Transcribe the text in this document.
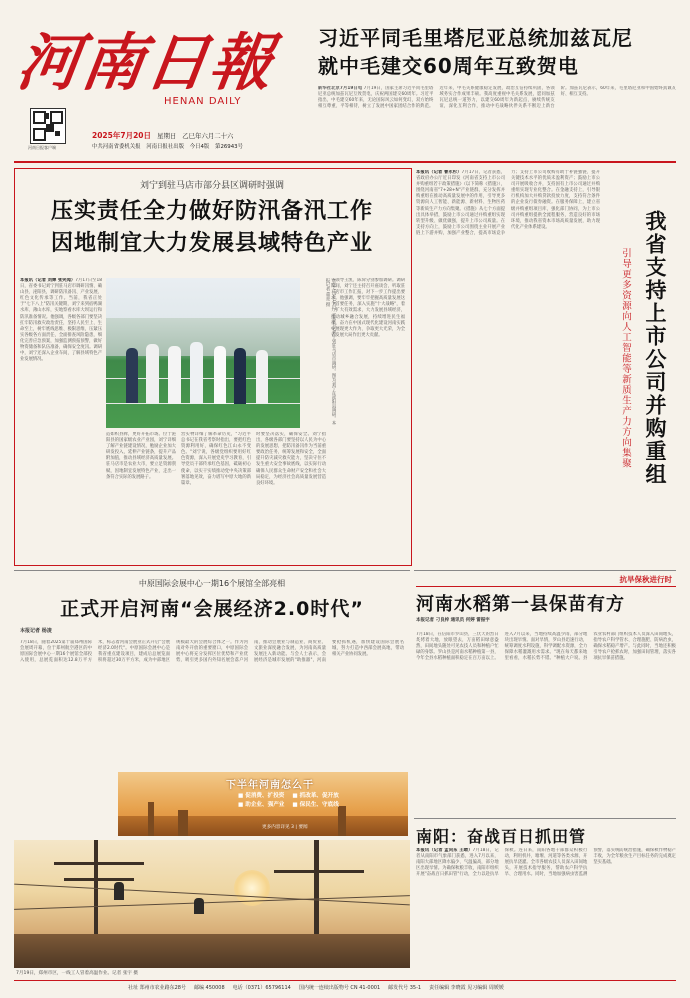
河南日報
HENAN DAILY
河南日报客户端
2025年7月20日 星期日 乙巳年六月二十六
中共河南省委机关报 河南日报社出版 今日4版 第26943号
习近平同毛里塔尼亚总统加兹瓦尼
就中毛建交60周年互致贺电
新华社北京7月19日电 7月19日，国家主席习近平同毛里塔尼亚总统加兹瓦尼互致贺电，庆祝两国建交60周年。习近平指出，中毛建交60年来，无论国际风云如何变幻，双方始终相互尊重、平等相待，树立了发展中国家团结合作的典范。近年来，中毛关系健康稳定发展，政治互信持续巩固，各领域务实合作成果丰硕。我高度重视中毛关系发展，愿同加兹瓦尼总统一道努力，以建交60周年为新起点，赓续传统友谊，深化互利合作，推动中毛战略伙伴关系不断迈上新台阶。加兹瓦尼表示，60年来，毛里塔尼亚和中国始终真诚友好、相互支持。
刘宁到驻马店市部分县区调研时强调
压实责任全力做好防汛备汛工作
因地制宜大力发展县域特色产业
本报讯（记者 刘婵 张笑闻）7月17日至18日，省委书记刘宁到驻马店市调研汛情、确山县、泌阳县，调研防汛备汛、产业发展、红色文化传承等工作。当前，我省正处于"七下八上"防汛关键期，刘宁来到宿鸭湖水库、薄山水库，实地察看水库大坝运行和防汛准备情况。他强调，各级各部门要坚决扛牢防汛救灾政治责任，坚持人民至上、生命至上，树牢底线思维、极限思维，压紧压实各级各方面责任，全面排查风险隐患，细化完善应急预案，加强监测预报预警，做好物资储备和队伍准备，确保安全度汛。调研中，刘宁还深入企业车间，了解县域特色产业发展情况。	7月17日至18日，省委书记刘宁到驻马店市调研。图为刘宁在泌阳县调研。本报记者 董亮 摄
造如织县牌，更好开拓市场。位于泌阳县的国家级农业产业园，刘宁详细了解产业链建设情况，勉励企业加大研发投入，延伸产业链条，提升产品附加值，推动县域经济高质量发展。驻马店市是农业大市，要立足资源禀赋，因地制宜发展特色产业，走出一条符合实际的发展路子。
营实物详细了解革命历史，"习近平总书记在我省考察时指出，要把红色资源利用好，确保红色江山永不变色。"刘宁说，各级党组织要用好红色资源，深入开展党史学习教育，引导党员干部传承红色基因，砥砺初心使命，以实干实绩推动党中央决策部署落地见效，奋力谱写中原大地的新篇章。
时要坚决落实，确保安全。刘宁指出，各级各部门要坚持以人民为中心的发展思想，把防汛备汛作为当前重要政治任务，统筹发展和安全，全面提升防灾减灾救灾能力，坚决守住不发生重大安全事故底线，以实际行动确保人民群众生命财产安全和社会大局稳定，为经济社会高质量发展营造良好环境。
省领导王凯、陈舜分别参加调研。调研期间，刘宁还主持召开座谈会，听取驻马店市工作汇报，对下一步工作提出要求。他强调，要牢牢把握高质量发展这个首要任务，深入实施"十大战略"，着力扩大有效需求，大力发展县域经济，推动城乡融合发展，持续增进民生福祉，奋力在中国式现代化建设河南实践中展现更大作为、争取更大光荣，为全省发展大局作出更大贡献。
本报讯（记者 曹永杉）7月17日，记者获悉，省政府办公厅近日印发《河南省支持上市公司并购重组若干政策措施》（以下简称《措施》），围绕河南省"7+28+N"产业链群，充分发挥并购重组在推动高质量发展中的作用，引导更多资源向人工智能、新能源、新材料、生物医药等新质生产力方向集聚。《措施》从七个方面提出具体举措，鼓励上市公司通过并购重组实现转型升级、做优做强，提升上市公司质量。在支持方向上，鼓励上市公司围绕主业开展产业链上下游并购，加强产业整合，提高市场竞争力；支持上市公司收购有助于补链强链、提升关键技术水平的优质未盈利资产；鼓励上市公司开展吸收合并，支持国有上市公司通过并购重组实现专业化整合。在金融支持上，引导银行机构加大并购贷款投放力度，支持符合条件的企业发行债券融资。在服务保障上，建立省级并购重组项目库，强化部门协同，为上市公司并购重组提供全流程服务，营造良好的市场环境，推动我省资本市场高质量发展，助力现代化产业体系建设。	我省支持上市公司并购重组
引导更多资源向人工智能等新质生产力方向集聚
抗旱保秋进行时
河南水稻第一县保苗有方
本报记者 刁良梓 通讯员 何婷 雷振宇
7月18日，在信阳市罗山县，三伏天的烈日炙烤着大地，放眼望去，万亩稻田绿意盎然，田间地头随处可见农技人员和种植户忙碌的身影。罗山县是河南水稻种植第一县，今年全县水稻种植面积稳定在百万亩以上。进入7月以来，当地持续高温少雨，部分地块出现旱情。面对旱情，罗山县迅速行动，统筹调度水利设施，科学调配水资源，全力保障水稻灌溉用水需求。"现在每天都来地里看看，水稻长势不错。"种植大户说。县农业农村部门组织技术人员深入田间地头，指导农户科学管水、合理施肥、防病治虫，确保水稻稳产增产。与此同时，当地还积极引导农户抢抓农时，加强田间管理，落实各项抗旱保苗措施。
南阳：奋战百日抓田管
本报讯（记者 孟向东 王晴）7月18日，记者从南阳市气象部门获悉，进入7月以来，南阳大部地区降水偏少、气温偏高，部分地区出现旱情。为确保秋粮丰收，南阳市组织开展"奋战百日抓田管"行动，全力以赴抗旱保秋。连日来，南阳各地干部群众积极行动，利用机井、塘堰、河道等各类水源，开展抗旱浇灌。全市各级农技人员深入田间地头，开展技术指导服务，帮助农户科学抗旱、合理用水。同时，当地加强病虫害监测预警，落实统防统治措施，确保秋作物稳产丰收，为全年粮食生产目标任务的完成奠定坚实基础。
中原国际会展中心一期16个展馆全部亮相
正式开启河南“会展经济2.0时代”
本报记者 杨凌
7月18日，随着2025第十届郑州国际会展周开幕，位于郑州航空港区的中原国际会展中心一期16个展馆全部投入使用，总展览面积达12.8万平方米，标志着河南会展业正式开启"会展经济2.0时代"。中原国际会展中心是我省重点建设项目，建成后总展览面积将超过30万平方米，成为中部地区规模最大的会展综合体之一。作为河南对外开放的重要窗口，中原国际会展中心将充分发挥区位优势和产业优势，吸引更多国内外知名展会落户河南，推动会展业与制造业、商贸业、文旅业深度融合发展，为河南高质量发展注入新动能。与会人士表示，会展经济是城市发展的"助推器"，河南要抢抓机遇，加快建设国际会展名城，努力打造中西部会展高地，带动相关产业协同发展。
下半年河南怎么干
■ 促消费、扩投资 ■ 抓改革、促开放
■ 助企业、强产业 ■ 保民生、守底线
更多内容详见 3 | 要闻
7月19日，郑州市区，一线工人冒着高温作业。记者 张宇 摄
社址 郑州市农业路东28号 邮编 450008 电话（0371）65796114 国内统一连续出版物号 CN 41-0001 邮发代号 35-1 责任编辑 李晓霞 见习编辑 周媛媛
